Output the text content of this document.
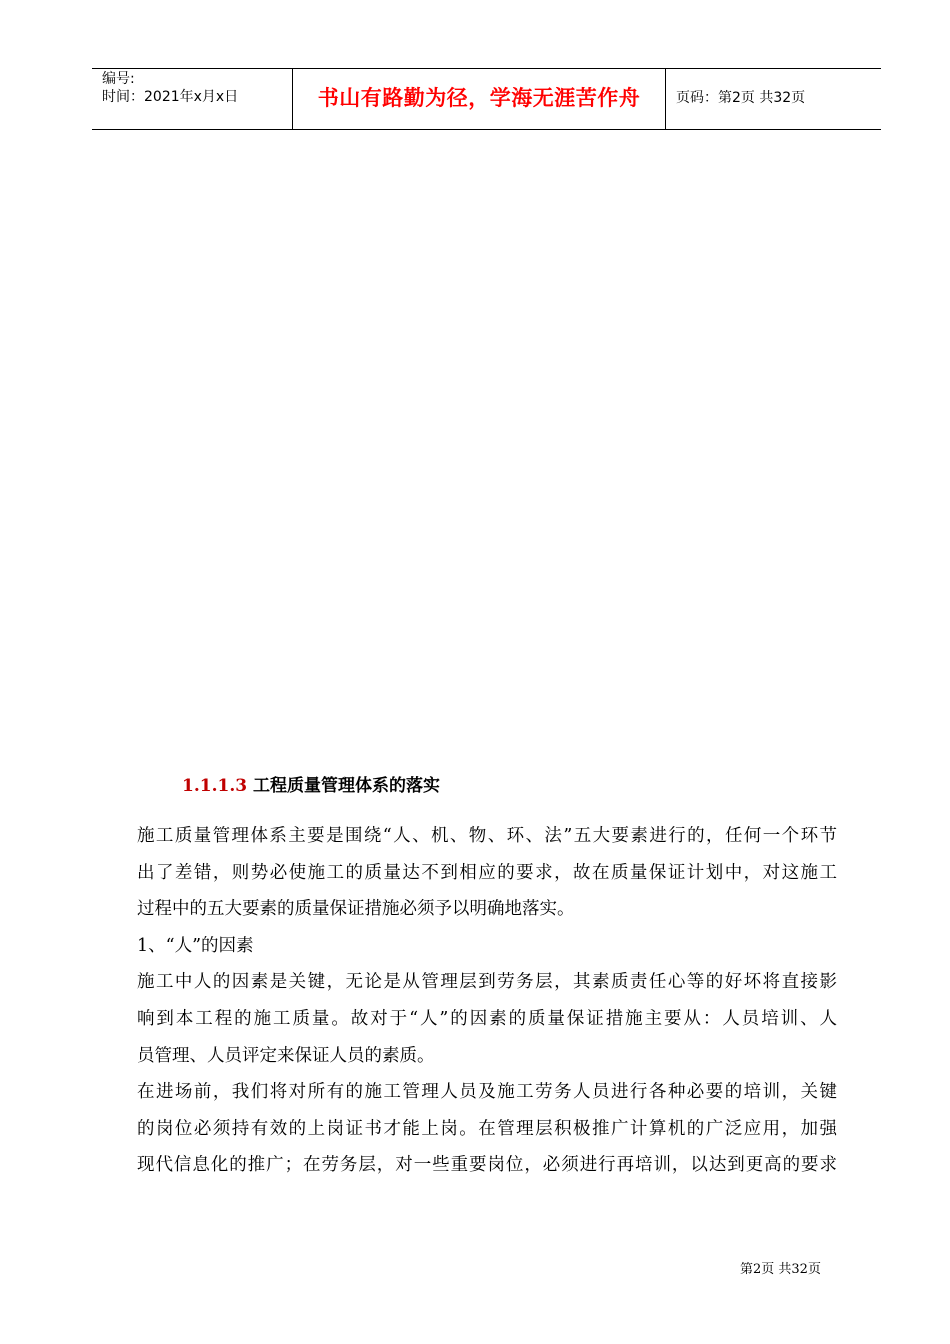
编号:
时间：2021年x月x日	书山有路勤为径，学海无涯苦作舟	页码：第2页 共32页
1.1.1.3 工程质量管理体系的落实
施工质量管理体系主要是围绕“人、机、物、环、法”五大要素进行的，任何一个环节
出了差错，则势必使施工的质量达不到相应的要求，故在质量保证计划中，对这施工
过程中的五大要素的质量保证措施必须予以明确地落实。
1、“人”的因素
施工中人的因素是关键，无论是从管理层到劳务层，其素质责任心等的好坏将直接影
响到本工程的施工质量。故对于“人”的因素的质量保证措施主要从：人员培训、人
员管理、人员评定来保证人员的素质。
在进场前，我们将对所有的施工管理人员及施工劳务人员进行各种必要的培训，关键
的岗位必须持有效的上岗证书才能上岗。在管理层积极推广计算机的广泛应用，加强
现代信息化的推广；在劳务层，对一些重要岗位，必须进行再培训，以达到更高的要求
第2页 共32页
